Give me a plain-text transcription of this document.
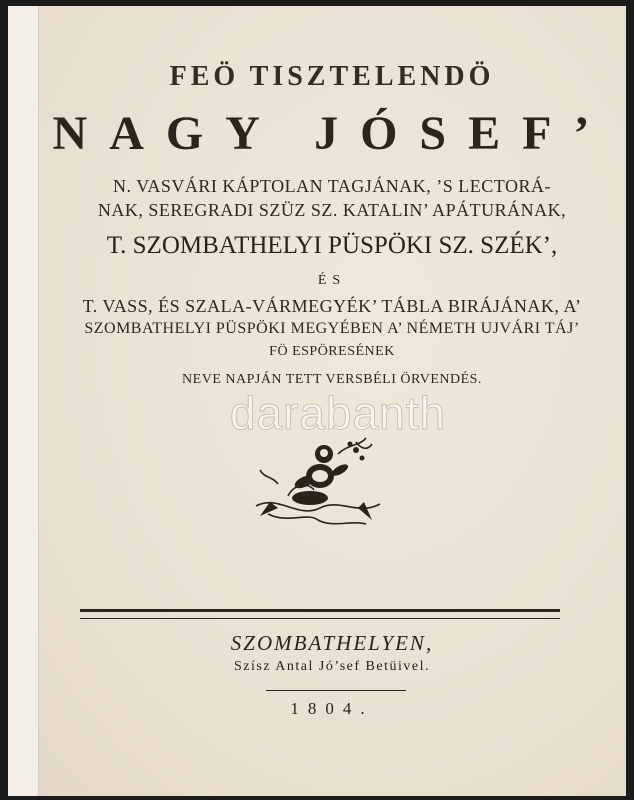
FEÖ TISZTELENDÖ
NAGY JÓSEF’
N. VASVÁRI KÁPTOLAN TAGJÁNAK, ’S LECTORÁ-
NAK, SEREGRADI SZÜZ SZ. KATALIN’ APÁTURÁNAK,
T. SZOMBATHELYI PÜSPÖKI SZ. SZÉK’,
ÉS
T. VASS, ÉS SZALA-VÁRMEGYÉK’ TÁBLA BIRÁJÁNAK, A’
SZOMBATHELYI PÜSPÖKI MEGYÉBEN A’ NÉMETH UJVÁRI TÁJ’
FÖ ESPÖRESÉNEK
NEVE NAPJÁN TETT VERSBÉLI ÖRVENDÉS.
darabanth
SZOMBATHELYEN,
Szísz Antal Jó’sef Betüivel.
1804.
